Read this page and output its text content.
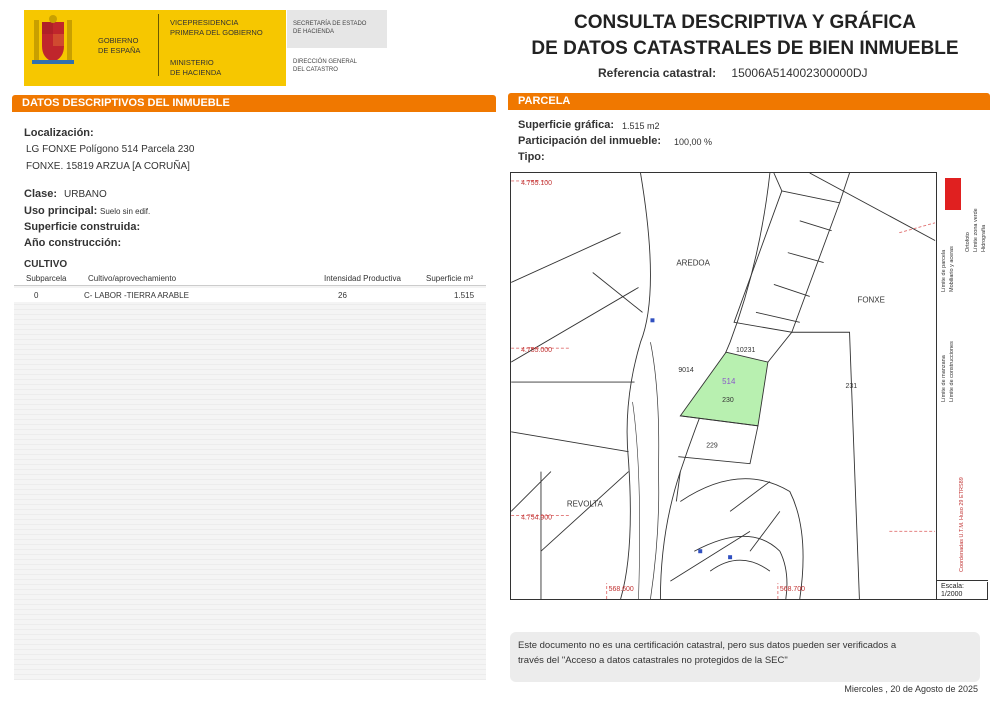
GOBIERNO
DE ESPAÑA
VICEPRESIDENCIA
PRIMERA DEL GOBIERNO
MINISTERIO
DE HACIENDA
SECRETARÍA DE ESTADO
DE HACIENDA
DIRECCIÓN GENERAL
DEL CATASTRO
CONSULTA DESCRIPTIVA Y GRÁFICA
DE DATOS CATASTRALES DE BIEN INMUEBLE
Referencia catastral: 15006A514002300000DJ
DATOS DESCRIPTIVOS DEL INMUEBLE
Localización:
LG FONXE Polígono 514 Parcela 230
FONXE. 15819 ARZUA [A CORUÑA]
Clase: URBANO
Uso principal: Suelo sin edif.
Superficie construida:
Año construcción:
CULTIVO
Subparcela	Cultivo/aprovechamiento	Intensidad Productiva	Superficie m²
0	C- LABOR -TIERRA ARABLE	26	1.515
PARCELA
Superficie gráfica: 1.515 m2
Participación del inmueble: 100,00 %
Tipo:
4.755.100
4.755.000
4.754.900
568.600	568.700
AREDOA
FONXE
REVOLTA
9014
10231
514
230
231
229
Límite de parcela Mobiliario y aceras
Límite de manzana Límite de construcciones
Ortofoto Límite zona verde Hidrografía
Coordenadas U.T.M. Huso 29 ETRS89
Escala:
1/2000
Este documento no es una certificación catastral, pero sus datos pueden ser verificados a
través del "Acceso a datos catastrales no protegidos de la SEC"
Miercoles , 20 de Agosto de 2025
